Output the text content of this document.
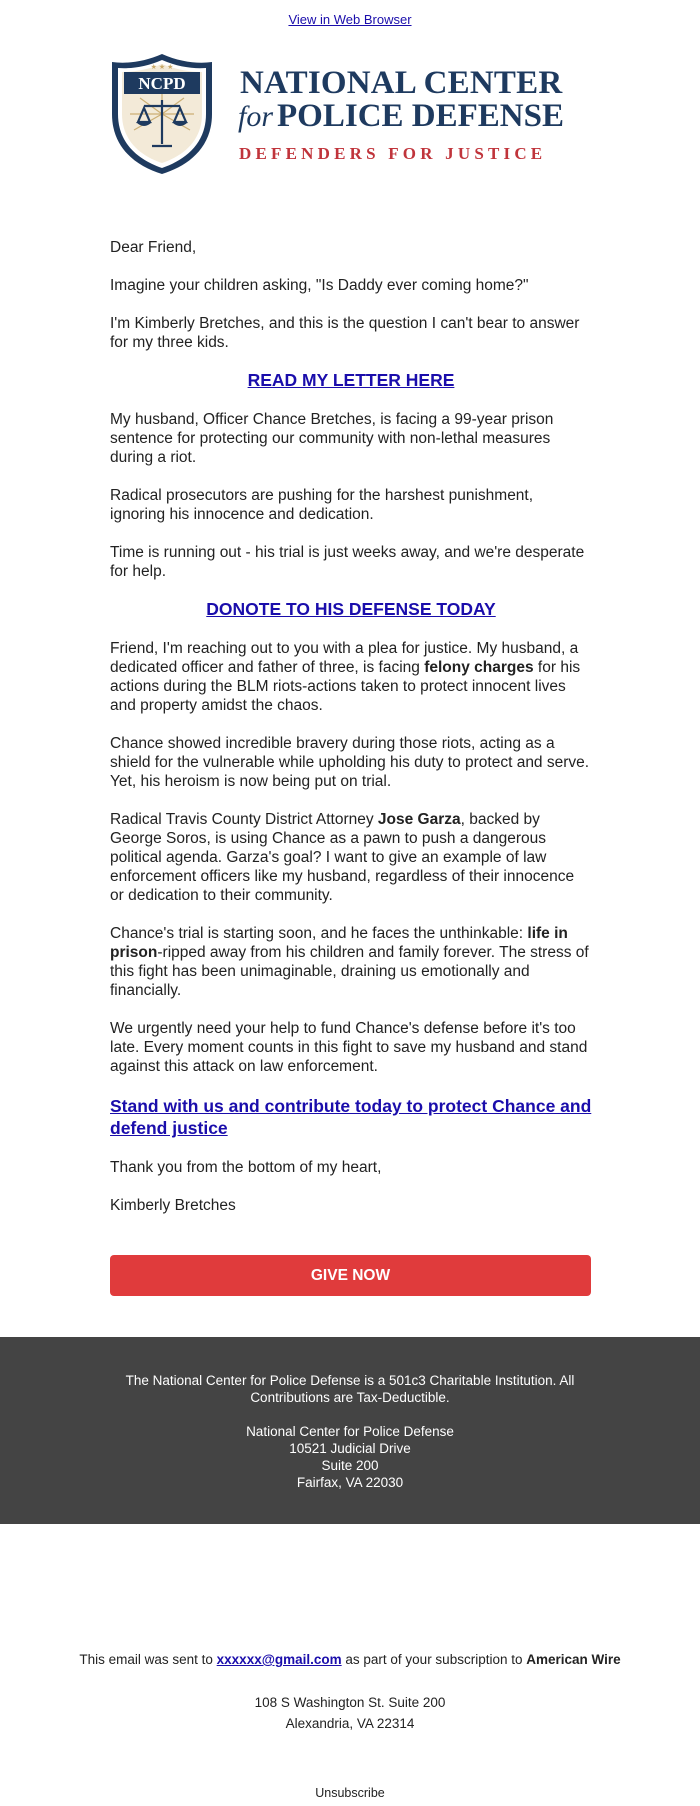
View in Web Browser
NCPD
★ ★ ★ NATIONAL CENTER
for POLICE DEFENSE
DEFENDERS FOR JUSTICE

Dear Friend,

Imagine your children asking, "Is Daddy ever coming home?"

I'm Kimberly Bretches, and this is the question I can't bear to answer for my three kids.

READ MY LETTER HERE

My husband, Officer Chance Bretches, is facing a 99-year prison sentence for protecting our community with non-lethal measures during a riot.

Radical prosecutors are pushing for the harshest punishment, ignoring his innocence and dedication.

Time is running out - his trial is just weeks away, and we're desperate for help.

DONOTE TO HIS DEFENSE TODAY

Friend, I'm reaching out to you with a plea for justice. My husband, a dedicated officer and father of three, is facing felony charges for his actions during the BLM riots-actions taken to protect innocent lives and property amidst the chaos.

Chance showed incredible bravery during those riots, acting as a shield for the vulnerable while upholding his duty to protect and serve. Yet, his heroism is now being put on trial.

Radical Travis County District Attorney Jose Garza, backed by George Soros, is using Chance as a pawn to push a dangerous political agenda. Garza's goal? I want to give an example of law enforcement officers like my husband, regardless of their innocence or dedication to their community.

Chance's trial is starting soon, and he faces the unthinkable: life in prison-ripped away from his children and family forever. The stress of this fight has been unimaginable, draining us emotionally and financially.

We urgently need your help to fund Chance's defense before it's too late. Every moment counts in this fight to save my husband and stand against this attack on law enforcement.

Stand with us and contribute today to protect Chance and defend justice

Thank you from the bottom of my heart,

Kimberly Bretches

GIVE NOW
The National Center for Police Defense is a 501c3 Charitable Institution. All Contributions are Tax-Deductible.
National Center for Police Defense
10521 Judicial Drive
Suite 200
Fairfax, VA 22030
This email was sent to xxxxxx@gmail.com as part of your subscription to American Wire
108 S Washington St. Suite 200
Alexandria, VA 22314
Unsubscribe
